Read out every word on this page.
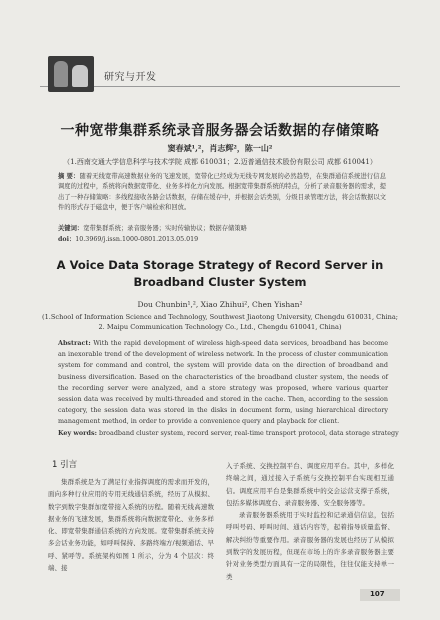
研究与开发
一种宽带集群系统录音服务器会话数据的存储策略
窦春斌¹,²，肖志辉²，陈一山²
（1.西南交通大学信息科学与技术学院 成都 610031；2.迈普通信技术股份有限公司 成都 610041）
摘 要：随着无线宽带高速数据业务的飞速发展，宽带化已经成为无线专网发展的必然趋势，在集群通信系统进行信息调度的过程中，系统将向数据宽带化、业务多样化方向发展。根据宽带集群系统的特点，分析了录音服务器的需求，提出了一种存储策略：多线程接收各路会话数据，存储在缓存中，并根据会话类别，分级目录管理方法，将会话数据以文件的形式存于磁盘中，便于客户端检索和回放。
关键词：宽带集群系统；录音服务器；实时传输协议；数据存储策略
doi：10.3969/j.issn.1000-0801.2013.05.019
A Voice Data Storage Strategy of Record Server in
Broadband Cluster System
Dou Chunbin¹,², Xiao Zhihui², Chen Yishan²
(1.School of Information Science and Technology, Southwest Jiaotong University, Chengdu 610031, China;
2. Maipu Communication Technology Co., Ltd., Chengdu 610041, China)
Abstract: With the rapid development of wireless high-speed data services, broadband has become an inexorable trend of the development of wireless network. In the process of cluster communication system for command and control, the system will provide data on the direction of broadband and business diversification. Based on the characteristics of the broadband cluster system, the needs of the recording server were analyzed, and a store strategy was proposed, where various quarter session data was received by multi-threaded and stored in the cache. Then, according to the session category, the session data was stored in the disks in document form, using hierarchical directory management method, in order to provide a convenience query and playback for client.
Key words: broadband cluster system, record server, real-time transport protocol, data storage strategy
1 引言

集群系统是为了满足行业指挥调度的需求而开发的，面向多种行业应用的专用无线通信系统，经历了从模拟、数字到数字集群加宽带接入系统的历程。随着无线高速数据业务的飞速发展，集群系统将向数据宽带化、业务多样化、即宽带集群通信系统的方向发展。宽带集群系统支持多会话业务功能，如呼叫保持、多路终端方/视频通话、早呼、紧呼等。系统架构如图 1 所示，分为 4 个层次：终端、接

入子系统、交换控制平台、调度应用平台。其中，多样化终端之间，通过接入子系统与交换控制平台实现相互通信。调度应用平台是集群系统中的交会运营支撑子系统，包括多媒体调度台、录音服务器、安全服务器等。

录音服务器系统用于实时监控和记录通信信息，包括呼叫号码、呼叫时间、通话内容等，起着指导质量监督、解决纠纷等重要作用。录音服务器的发展也经历了从模拟到数字的发展历程，但现在市场上的许多录音服务器主要针对业务类型方面具有一定的局限性，往往仅能支持单一类

107
